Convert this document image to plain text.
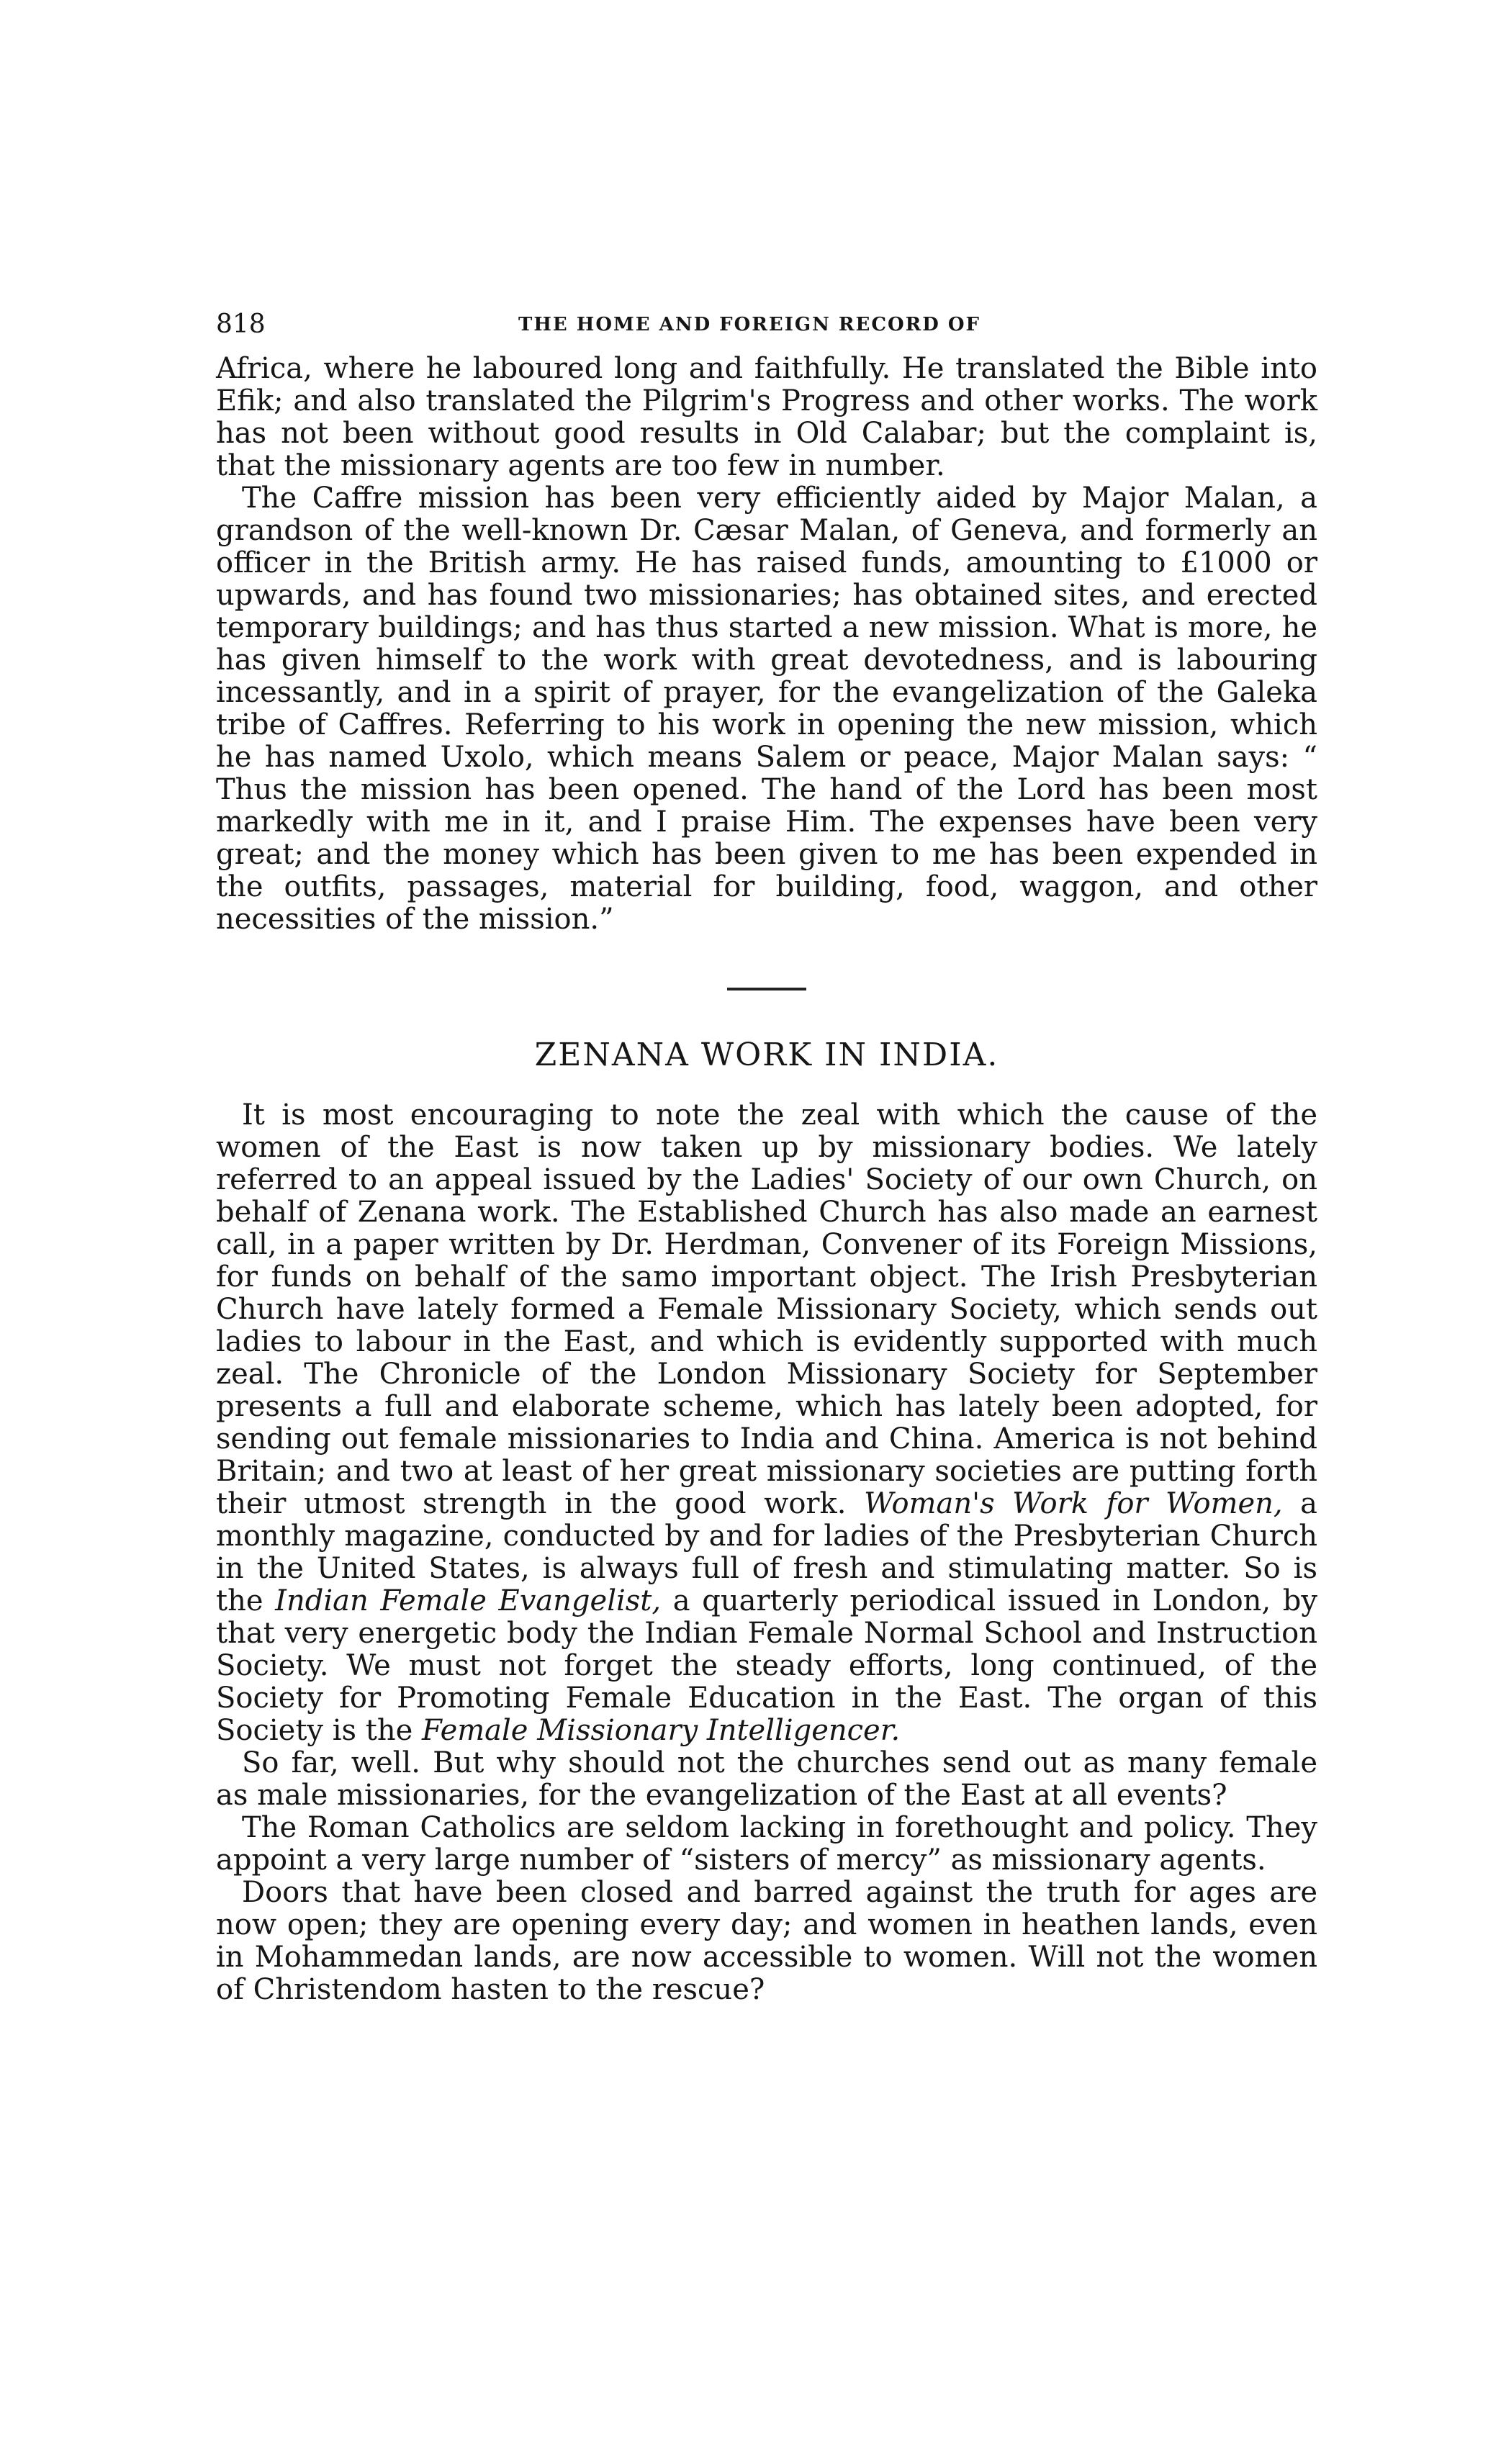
818	THE HOME AND FOREIGN RECORD OF

Africa, where he laboured long and faithfully. He translated the Bible into Efik; and also translated the Pilgrim's Progress and other works. The work has not been without good results in Old Calabar; but the complaint is, that the missionary agents are too few in number.

The Caffre mission has been very efficiently aided by Major Malan, a grandson of the well-known Dr. Cæsar Malan, of Geneva, and formerly an officer in the British army. He has raised funds, amounting to £1000 or upwards, and has found two missionaries; has obtained sites, and erected temporary buildings; and has thus started a new mission. What is more, he has given himself to the work with great devotedness, and is labouring incessantly, and in a spirit of prayer, for the evangelization of the Galeka tribe of Caffres. Referring to his work in opening the new mission, which he has named Uxolo, which means Salem or peace, Major Malan says: “ Thus the mission has been opened. The hand of the Lord has been most markedly with me in it, and I praise Him. The expenses have been very great; and the money which has been given to me has been expended in the outfits, passages, material for building, food, waggon, and other necessities of the mission.”

ZENANA WORK IN INDIA.

It is most encouraging to note the zeal with which the cause of the women of the East is now taken up by missionary bodies. We lately referred to an appeal issued by the Ladies' Society of our own Church, on behalf of Zenana work. The Established Church has also made an earnest call, in a paper written by Dr. Herdman, Convener of its Foreign Missions, for funds on behalf of the samo important object. The Irish Presbyterian Church have lately formed a Female Missionary Society, which sends out ladies to labour in the East, and which is evidently supported with much zeal. The Chronicle of the London Missionary Society for September presents a full and elaborate scheme, which has lately been adopted, for sending out female missionaries to India and China. America is not behind Britain; and two at least of her great missionary societies are putting forth their utmost strength in the good work. Woman's Work for Women, a monthly magazine, conducted by and for ladies of the Presbyterian Church in the United States, is always full of fresh and stimulating matter. So is the Indian Female Evangelist, a quarterly periodical issued in London, by that very energetic body the Indian Female Normal School and Instruction Society. We must not forget the steady efforts, long continued, of the Society for Promoting Female Education in the East. The organ of this Society is the Female Missionary Intelligencer.

So far, well. But why should not the churches send out as many female as male missionaries, for the evangelization of the East at all events?

The Roman Catholics are seldom lacking in forethought and policy. They appoint a very large number of “sisters of mercy” as missionary agents.

Doors that have been closed and barred against the truth for ages are now open; they are opening every day; and women in heathen lands, even in Mohammedan lands, are now accessible to women. Will not the women of Christendom hasten to the rescue?
